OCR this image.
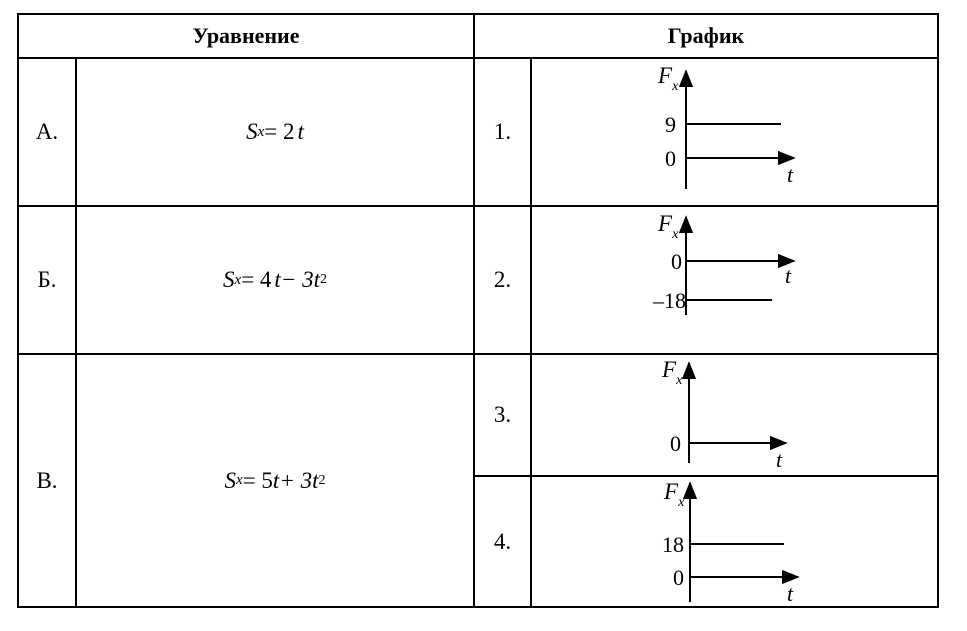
Уравнение	График
А.
Б.
В.
S x = 2 t
S x = 4 t − 3t 2
S x = 5 t + 3t 2
1.
2.
3.
4.
$F_x$
9
0
t
$F_x$
0
–18
t
$F_x$
0
t
$F_x$
18
0
t
